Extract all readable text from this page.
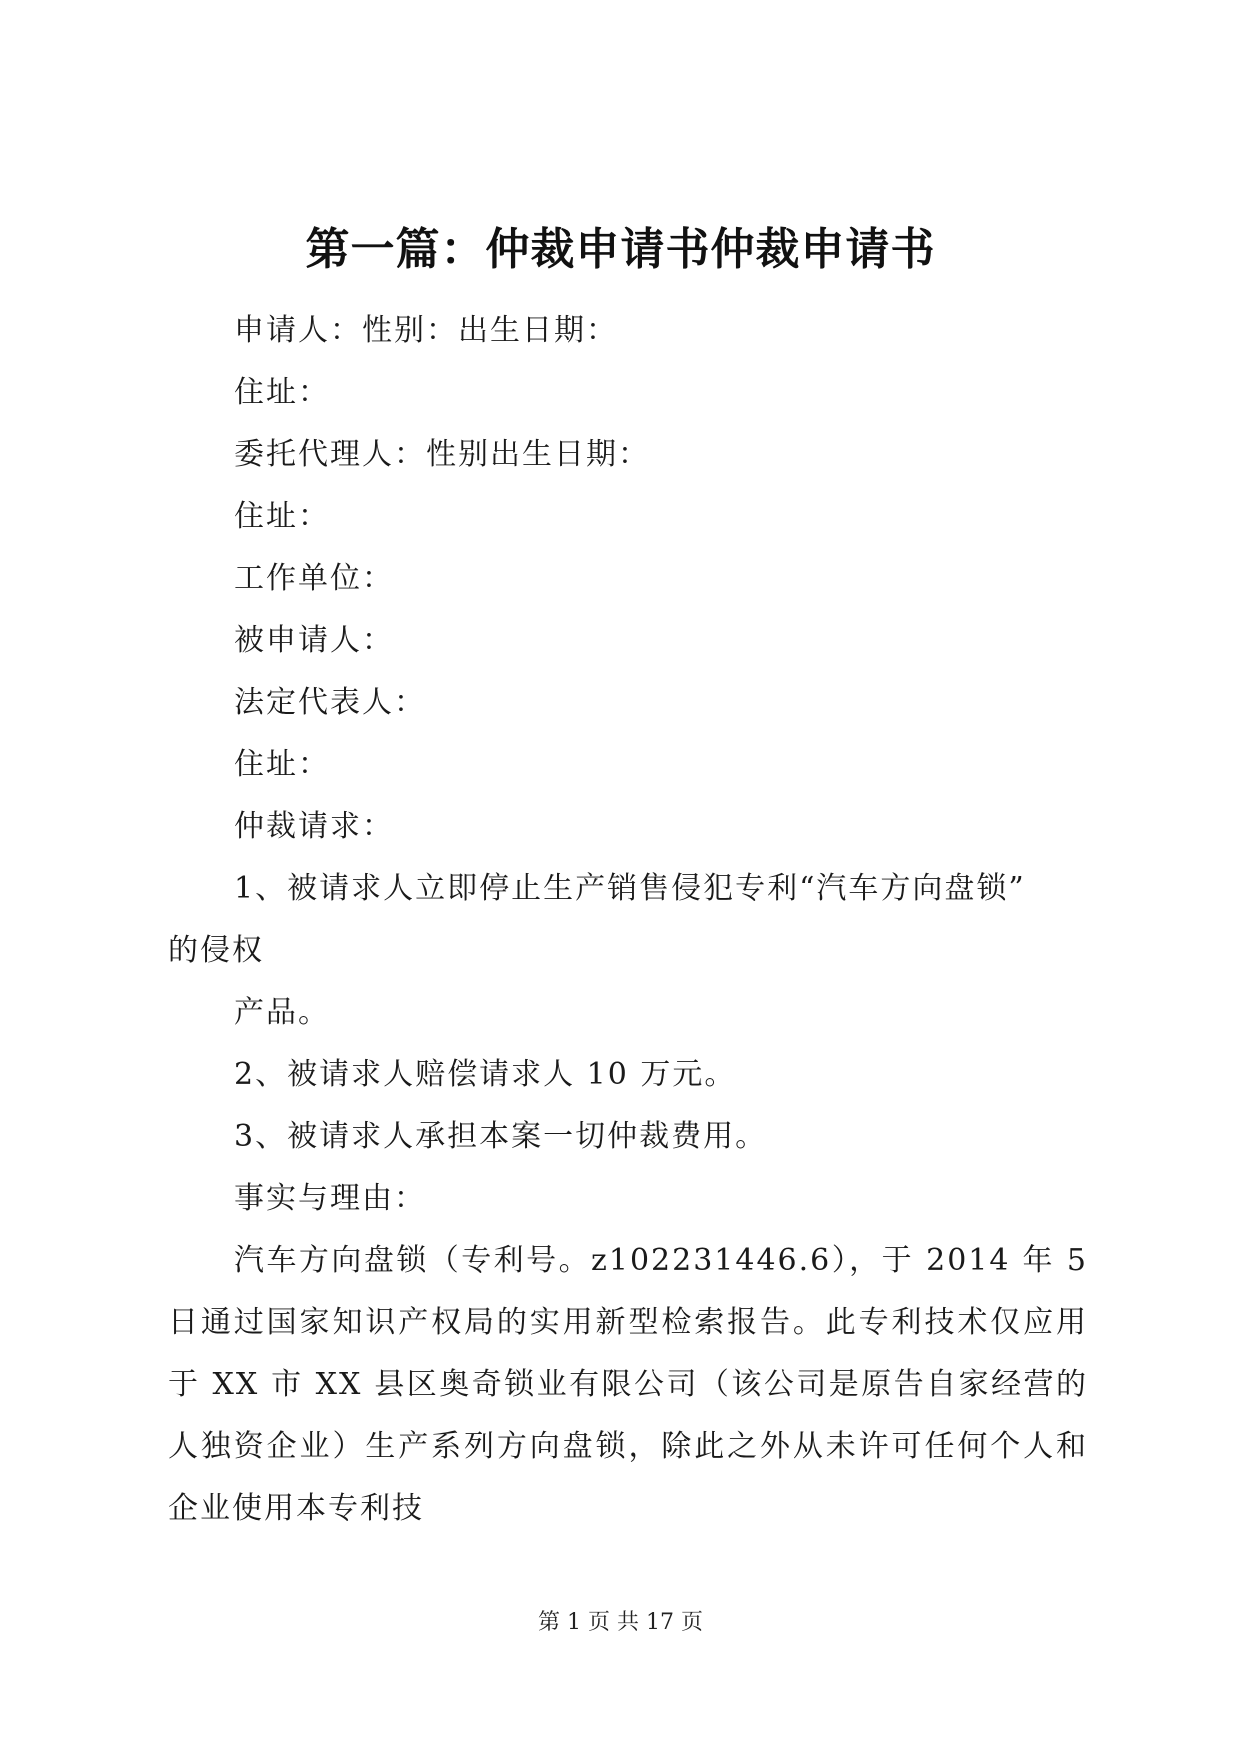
第一篇：仲裁申请书仲裁申请书
申请人：性别：出生日期：
住址：
委托代理人：性别出生日期：
住址：
工作单位：
被申请人：
法定代表人：
住址：
仲裁请求：
1、被请求人立即停止生产销售侵犯专利“汽车方向盘锁”
的侵权
产品。
2、被请求人赔偿请求人 10 万元。
3、被请求人承担本案一切仲裁费用。
事实与理由：
汽车方向盘锁（专利号。z102231446.6），于 2014 年 5
日通过国家知识产权局的实用新型检索报告。此专利技术仅应用
于 XX 市 XX 县区奥奇锁业有限公司（该公司是原告自家经营的
人独资企业）生产系列方向盘锁，除此之外从未许可任何个人和
企业使用本专利技
第 1 页 共 17 页
